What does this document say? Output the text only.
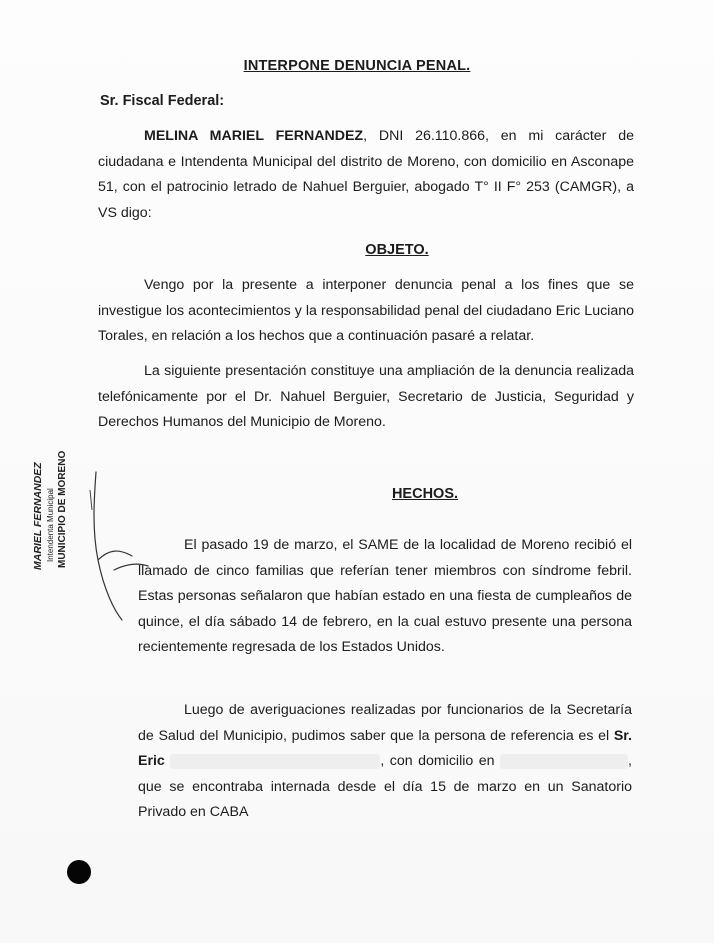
INTERPONE DENUNCIA PENAL.
Sr. Fiscal Federal:
MELINA MARIEL FERNANDEZ, DNI 26.110.866, en mi carácter de ciudadana e Intendenta Municipal del distrito de Moreno, con domicilio en Asconape 51, con el patrocinio letrado de Nahuel Berguier, abogado T° II F° 253 (CAMGR), a VS digo:
OBJETO.
Vengo por la presente a interponer denuncia penal a los fines que se investigue los acontecimientos y la responsabilidad penal del ciudadano Eric Luciano Torales, en relación a los hechos que a continuación pasaré a relatar.
La siguiente presentación constituye una ampliación de la denuncia realizada telefónicamente por el Dr. Nahuel Berguier, Secretario de Justicia, Seguridad y Derechos Humanos del Municipio de Moreno.
HECHOS.
El pasado 19 de marzo, el SAME de la localidad de Moreno recibió el llamado de cinco familias que referían tener miembros con síndrome febril. Estas personas señalaron que habían estado en una fiesta de cumpleaños de quince, el día sábado 14 de febrero, en la cual estuvo presente una persona recientemente regresada de los Estados Unidos.
Luego de averiguaciones realizadas por funcionarios de la Secretaría de Salud del Municipio, pudimos saber que la persona de referencia es el Sr. Eric	, con domicilio en	, que se encontraba internada desde el día 15 de marzo en un Sanatorio Privado en CABA
MARIEL FERNANDEZ Intendenta Municipal MUNICIPIO DE MORENO
